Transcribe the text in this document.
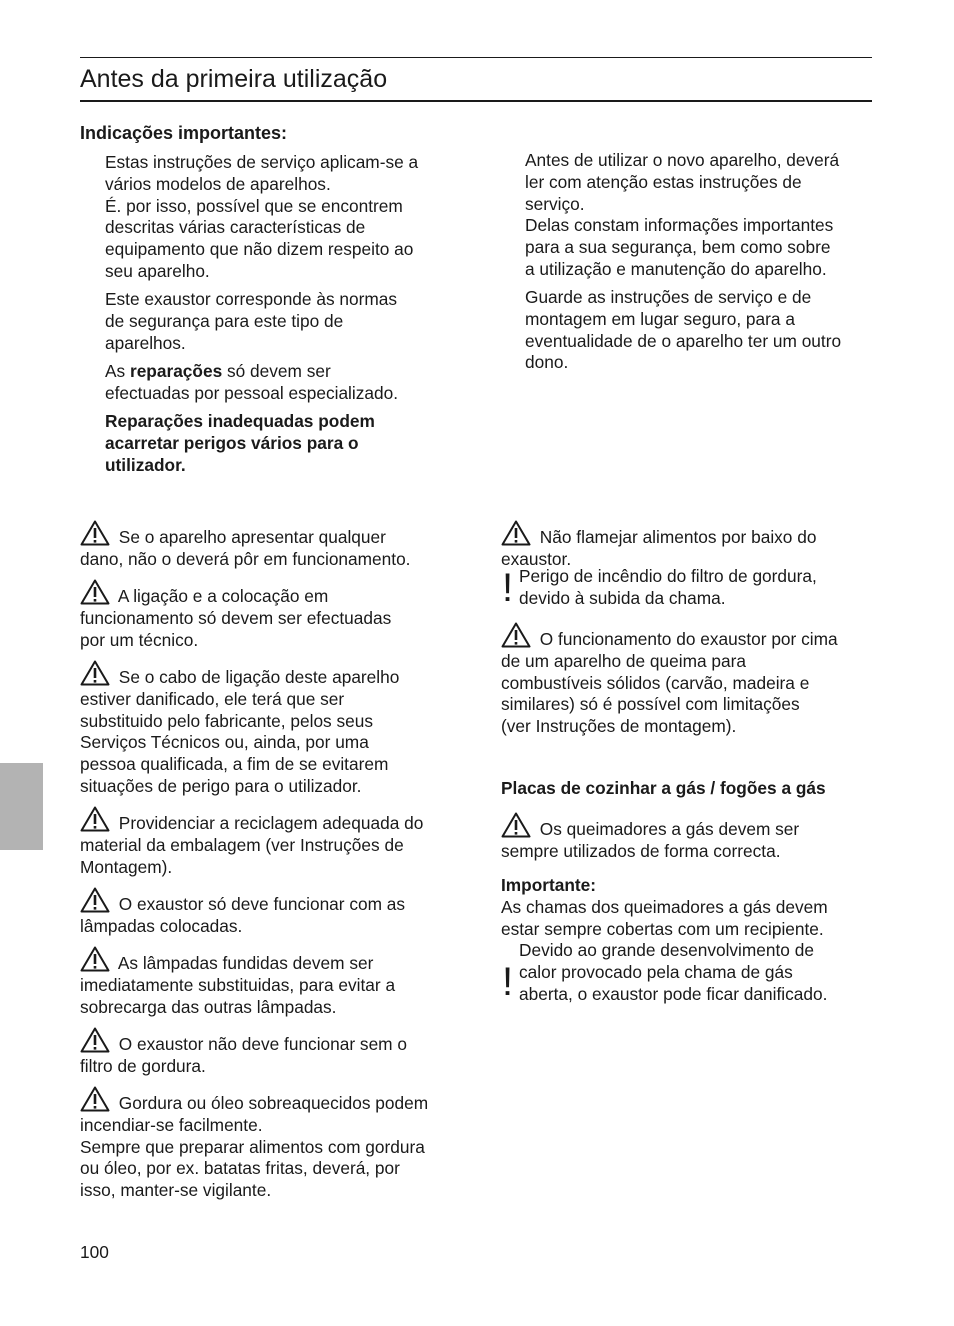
Antes da primeira utilização

Indicações importantes:

Estas instruções de serviço aplicam-se a
vários modelos de aparelhos.
É. por isso, possível que se encontrem
descritas várias características de
equipamento que não dizem respeito ao
seu aparelho.

Este exaustor corresponde às normas
de segurança para este tipo de
aparelhos.

As reparações só devem ser
efectuadas por pessoal especializado.

Reparações inadequadas podem
acarretar perigos vários para o
utilizador.

Antes de utilizar o novo aparelho, deverá
ler com atenção estas instruções de
serviço.
Delas constam informações importantes
para a sua segurança, bem como sobre
a utilização e manutenção do aparelho.

Guarde as instruções de serviço e de
montagem em lugar seguro, para a
eventualidade de o aparelho ter um outro
dono.

Se o aparelho apresentar qualquer
dano, não o deverá pôr em funcionamento.

A ligação e a colocação em
funcionamento só devem ser efectuadas
por um técnico.

Se o cabo de ligação deste aparelho
estiver danificado, ele terá que ser
substituido pelo fabricante, pelos seus
Serviços Técnicos ou, ainda, por uma
pessoa qualificada, a fim de se evitarem
situações de perigo para o utilizador.

Providenciar a reciclagem adequada do
material da embalagem (ver Instruções de
Montagem).

O exaustor só deve funcionar com as
lâmpadas colocadas.

As lâmpadas fundidas devem ser
imediatamente substituidas, para evitar a
sobrecarga das outras lâmpadas.

O exaustor não deve funcionar sem o
filtro de gordura.

Gordura ou óleo sobreaquecidos podem
incendiar-se facilmente.
Sempre que preparar alimentos com gordura
ou óleo, por ex. batatas fritas, deverá, por
isso, manter-se vigilante.

Não flamejar alimentos por baixo do
exaustor.

! Perigo de incêndio do filtro de gordura,
devido à subida da chama.

O funcionamento do exaustor por cima
de um aparelho de queima para
combustíveis sólidos (carvão, madeira e
similares) só é possível com limitações
(ver Instruções de montagem).

Placas de cozinhar a gás / fogões a gás

Os queimadores a gás devem ser
sempre utilizados de forma correcta.

Importante:
As chamas dos queimadores a gás devem
estar sempre cobertas com um recipiente.

!

Devido ao grande desenvolvimento de
calor provocado pela chama de gás
aberta, o exaustor pode ficar danificado.

100
